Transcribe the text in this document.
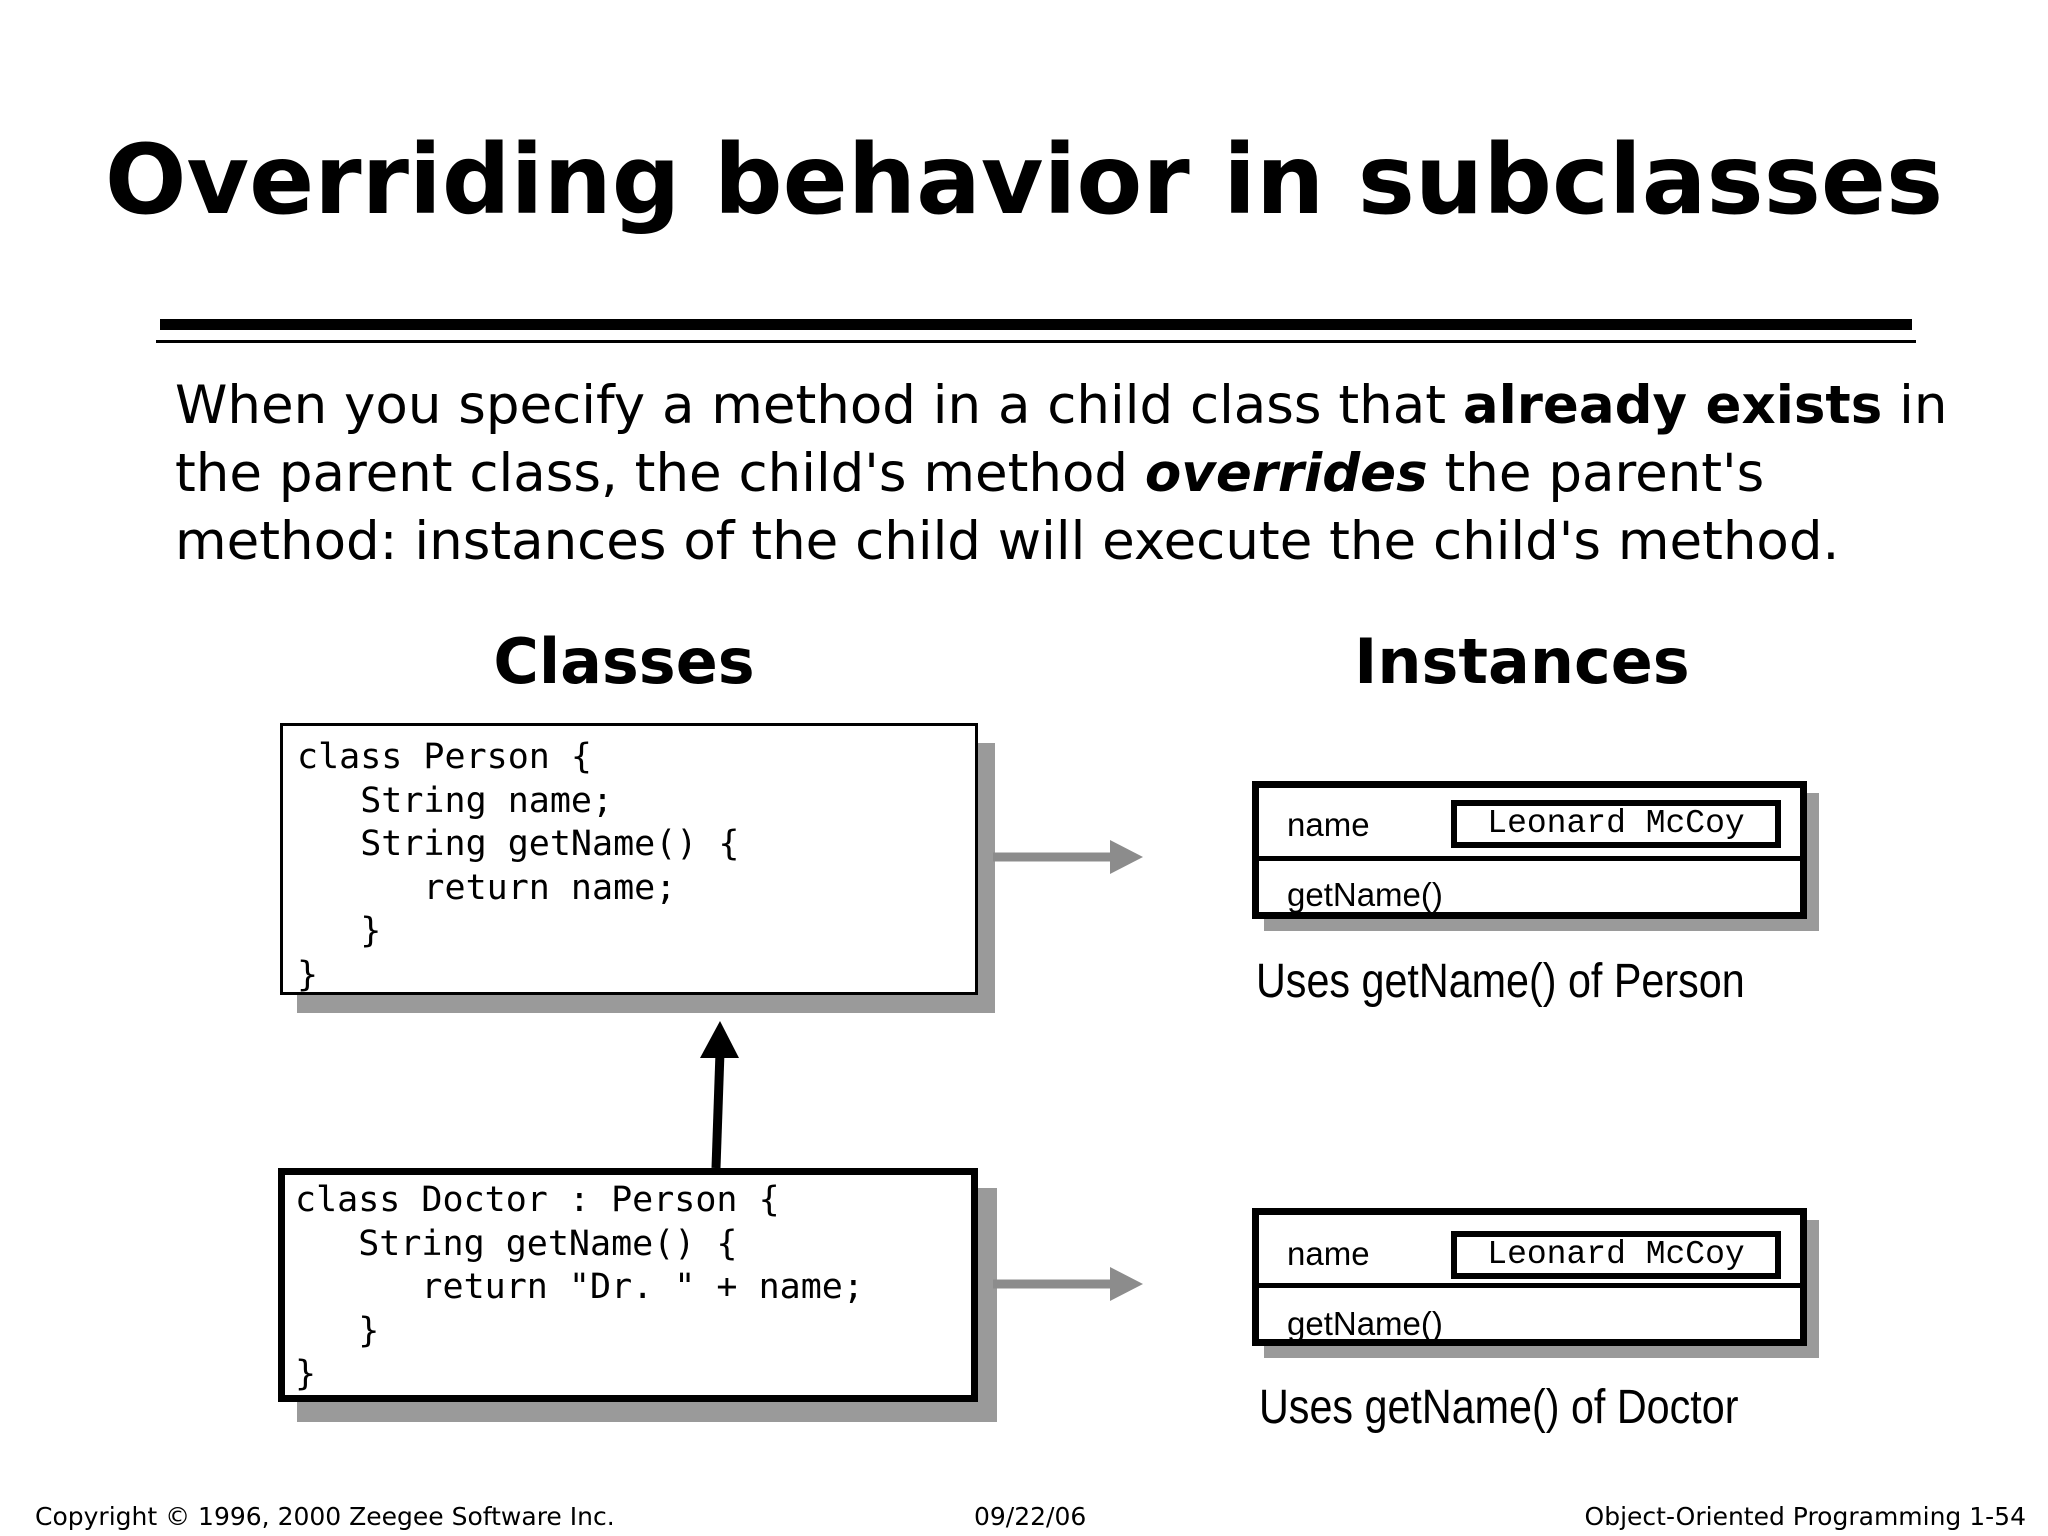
Overriding behavior in subclasses
When you specify a method in a child class that already exists in the parent class, the child's method overrides the parent's method: instances of the child will execute the child's method.
Classes	Instances
class Person {
String name;
String getName() {
return name;
}
}
class Doctor : Person {
String getName() {
return "Dr. " + name;
}
}
name	Leonard McCoy
getName()
Uses getName() of Person
name	Leonard McCoy
getName()
Uses getName() of Doctor
Copyright © 1996, 2000 Zeegee Software Inc.	09/22/06	Object-Oriented Programming 1-54
